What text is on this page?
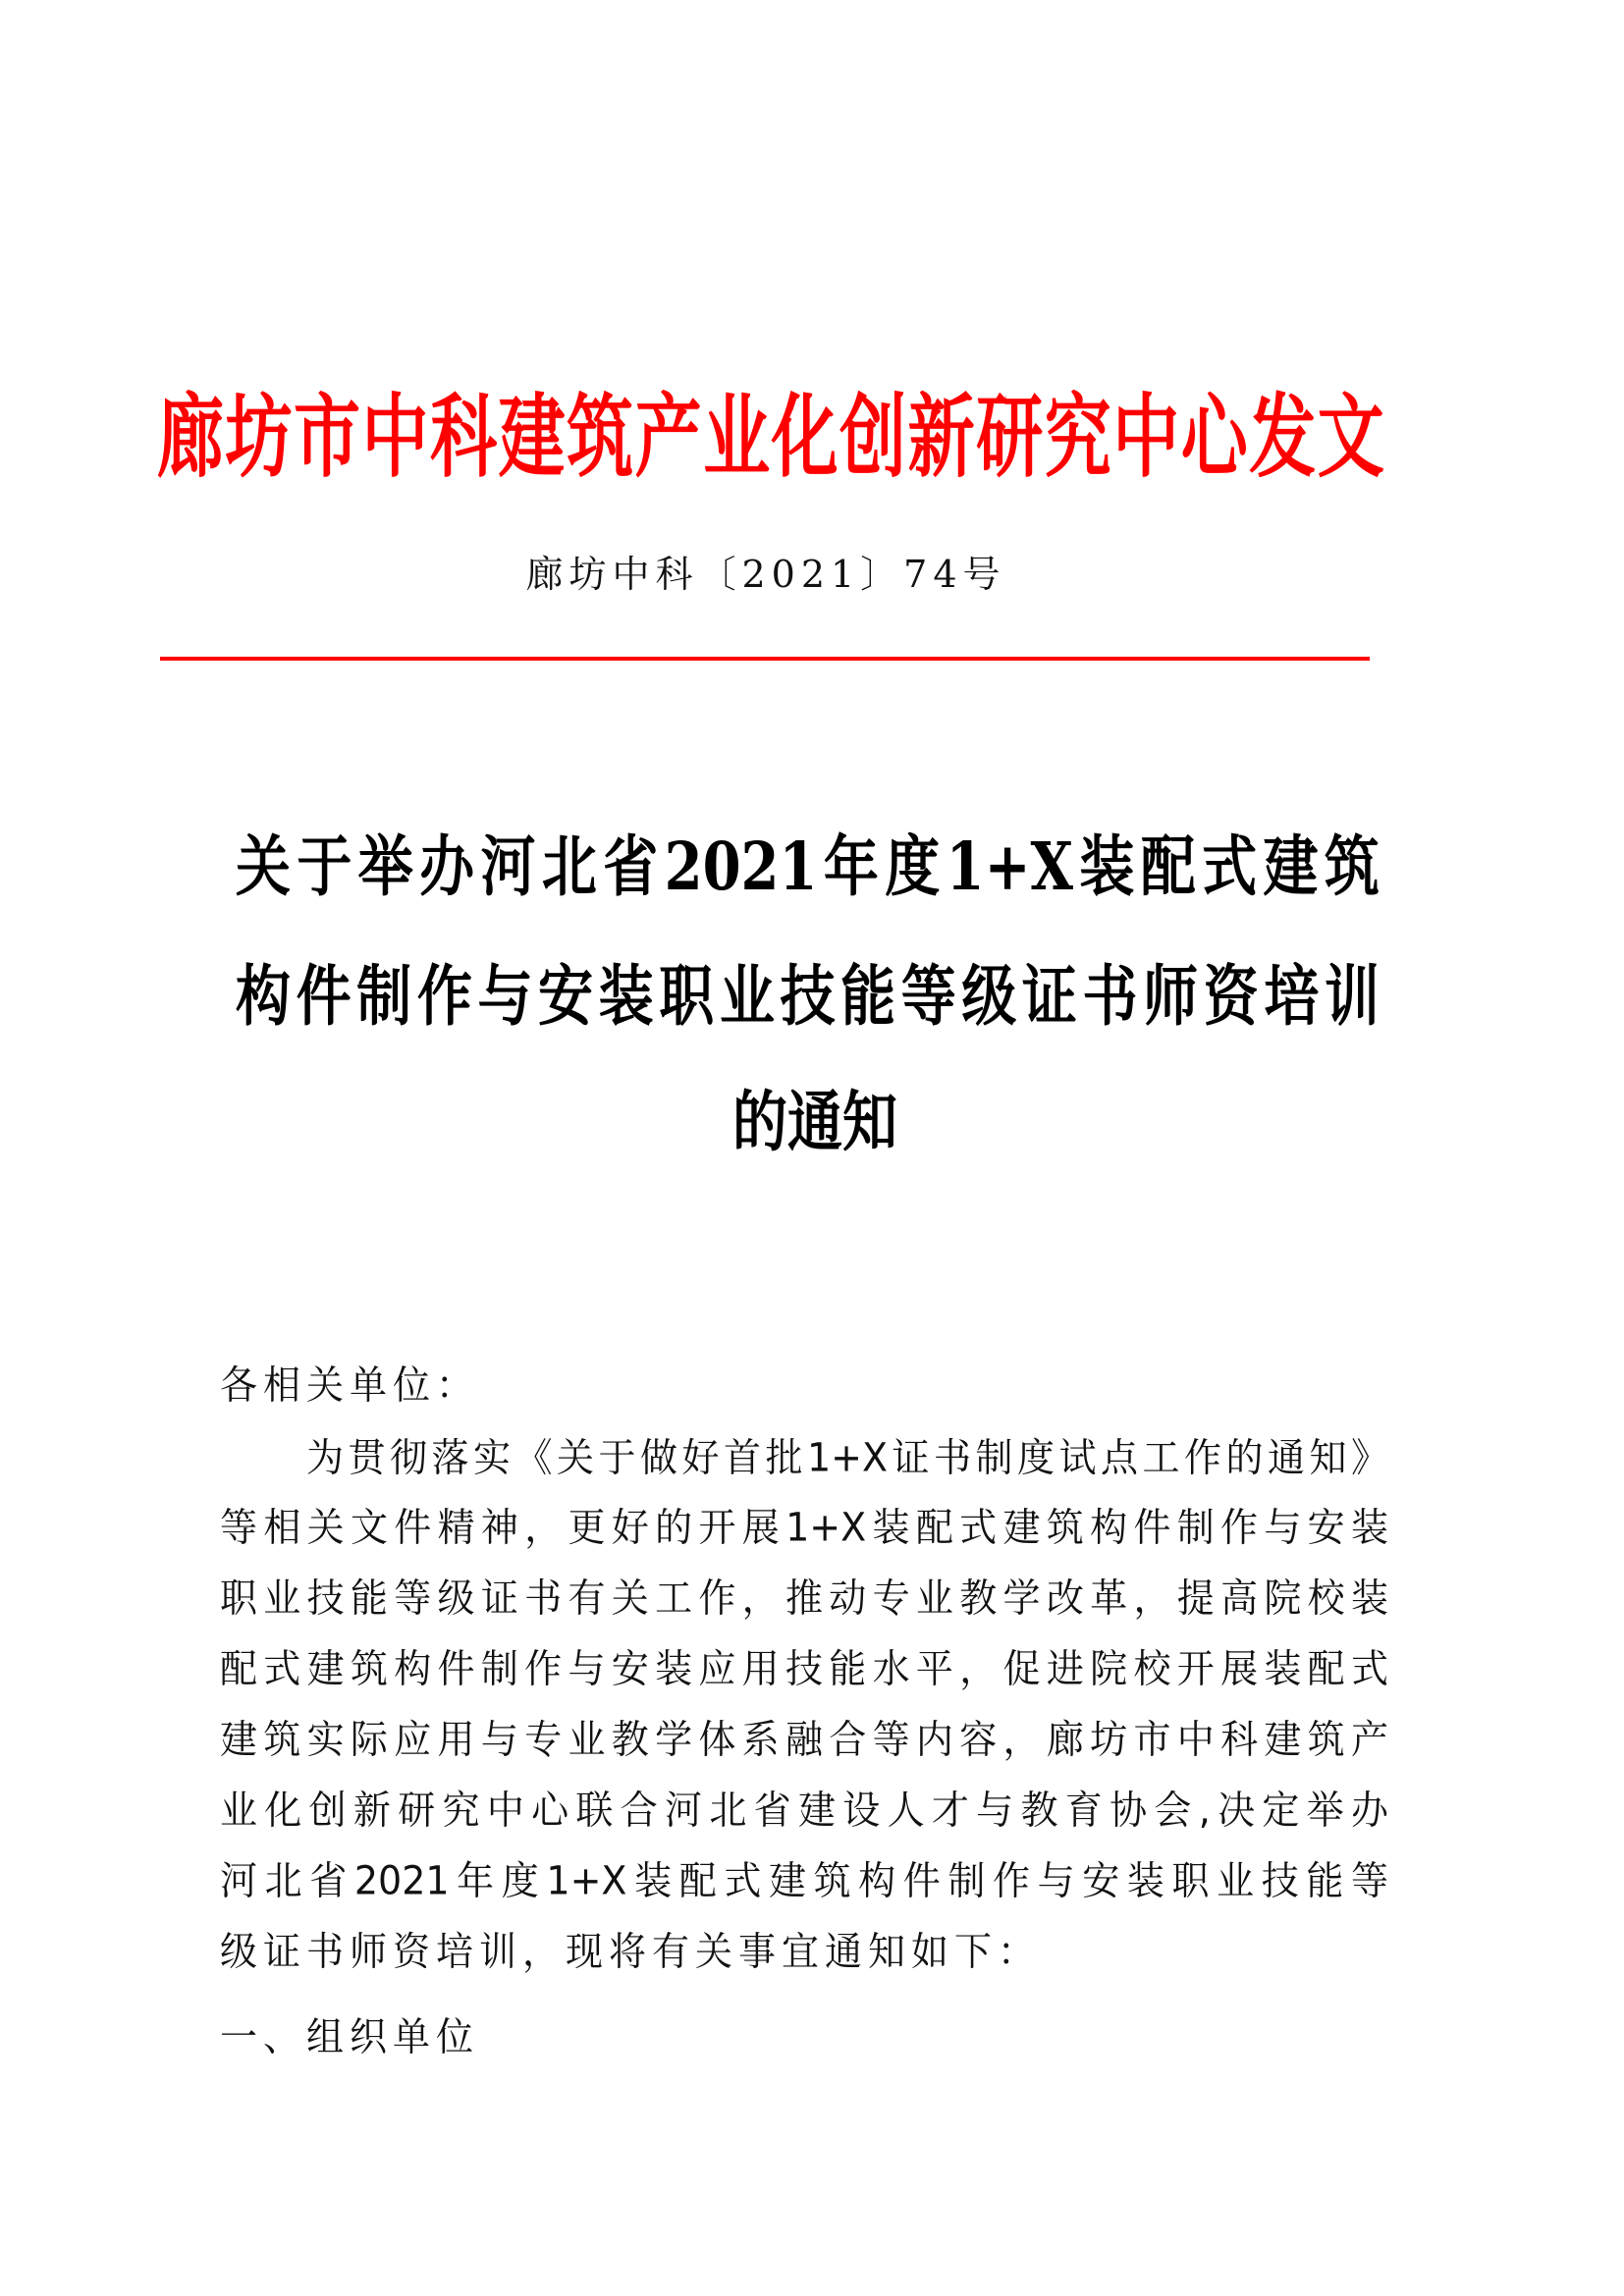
廊 坊 市 中 科 建 筑 产 业 化 创 新 研 究 中 心 发 文
廊坊中科〔2021〕74号
关 于 举 办 河 北 省 2021 年 度 1+X 装 配 式 建 筑
构 件 制 作 与 安 装 职 业 技 能 等 级 证 书 师 资 培 训
的通知
各相关单位：
为贯彻落实《关于做好首批1+X证书制度试点工作的通知》
等相关文件精神，更好的开展1+X装配式建筑构件制作与安装
职业技能等级证书有关工作，推动专业教学改革，提高院校装
配式建筑构件制作与安装应用技能水平，促进院校开展装配式
建筑实际应用与专业教学体系融合等内容，廊坊市中科建筑产
业化创新研究中心联合河北省建设人才与教育协会,决定举办
河北省2021年度1+X装配式建筑构件制作与安装职业技能等
级证书师资培训，现将有关事宜通知如下：
一、组织单位
